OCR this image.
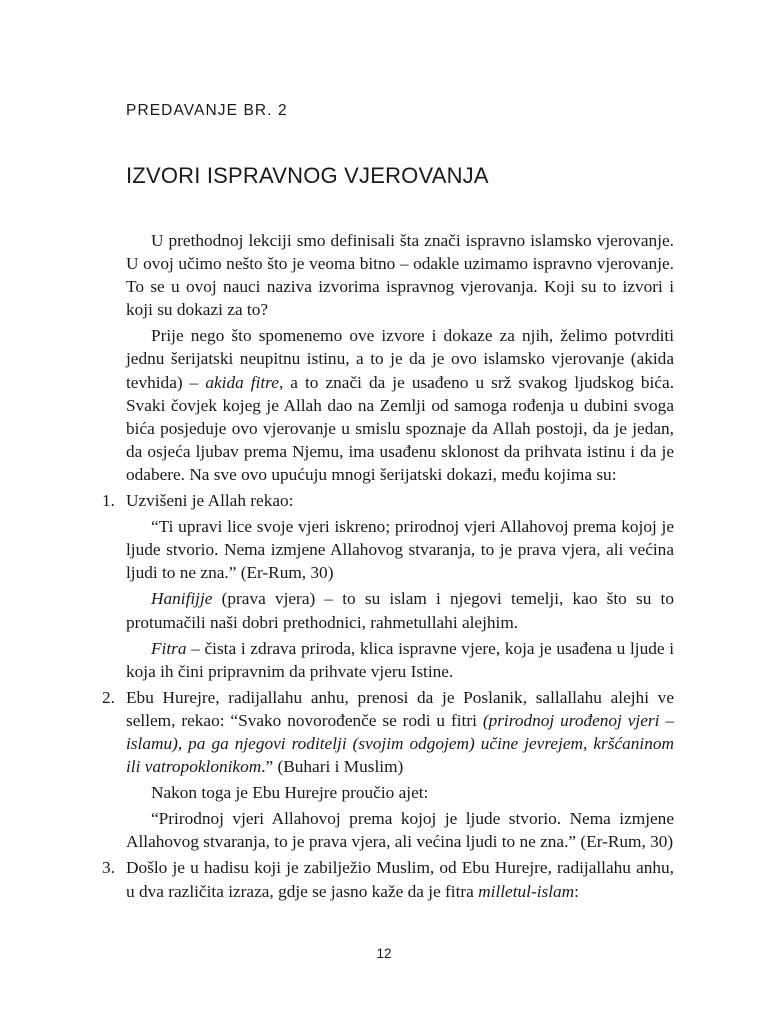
PREDAVANJE BR. 2
IZVORI ISPRAVNOG VJEROVANJA

U prethodnoj lekciji smo definisali šta znači ispravno islamsko vjerovanje. U ovoj učimo nešto što je veoma bitno – odakle uzimamo ispravno vjerovanje. To se u ovoj nauci naziva izvorima ispravnog vjerovanja. Koji su to izvori i koji su dokazi za to?

Prije nego što spomenemo ove izvore i dokaze za njih, želimo potvrditi jednu šerijatski neupitnu istinu, a to je da je ovo islamsko vjerovanje (akida tevhida) – akida fitre, a to znači da je usađeno u srž svakog ljudskog bića. Svaki čovjek kojeg je Allah dao na Zemlji od samoga rođenja u dubini svoga bića posjeduje ovo vjerovanje u smislu spoznaje da Allah postoji, da je jedan, da osjeća ljubav prema Njemu, ima usađenu sklonost da prihvata istinu i da je odabere. Na sve ovo upućuju mnogi šerijatski dokazi, među kojima su:

1. Uzvišeni je Allah rekao:

“Ti upravi lice svoje vjeri iskreno; prirodnoj vjeri Allahovoj prema kojoj je ljude stvorio. Nema izmjene Allahovog stvaranja, to je prava vjera, ali većina ljudi to ne zna.” (Er-Rum, 30)

Hanifijje (prava vjera) – to su islam i njegovi temelji, kao što su to protumačili naši dobri prethodnici, rahmetullahi alejhim.

Fitra – čista i zdrava priroda, klica ispravne vjere, koja je usađena u ljude i koja ih čini pripravnim da prihvate vjeru Istine.

2. Ebu Hurejre, radijallahu anhu, prenosi da je Poslanik, sallallahu alejhi ve sellem, rekao: “Svako novorođenče se rodi u fitri (prirodnoj urođenoj vjeri – islamu), pa ga njegovi roditelji (svojim odgojem) učine jevrejem, kršćaninom ili vatropoklonikom.” (Buhari i Muslim)

Nakon toga je Ebu Hurejre proučio ajet:

“Prirodnoj vjeri Allahovoj prema kojoj je ljude stvorio. Nema izmjene Allahovog stvaranja, to je prava vjera, ali većina ljudi to ne zna.” (Er-Rum, 30)

3. Došlo je u hadisu koji je zabilježio Muslim, od Ebu Hurejre, radijallahu anhu, u dva različita izraza, gdje se jasno kaže da je fitra milletul-islam:
12
